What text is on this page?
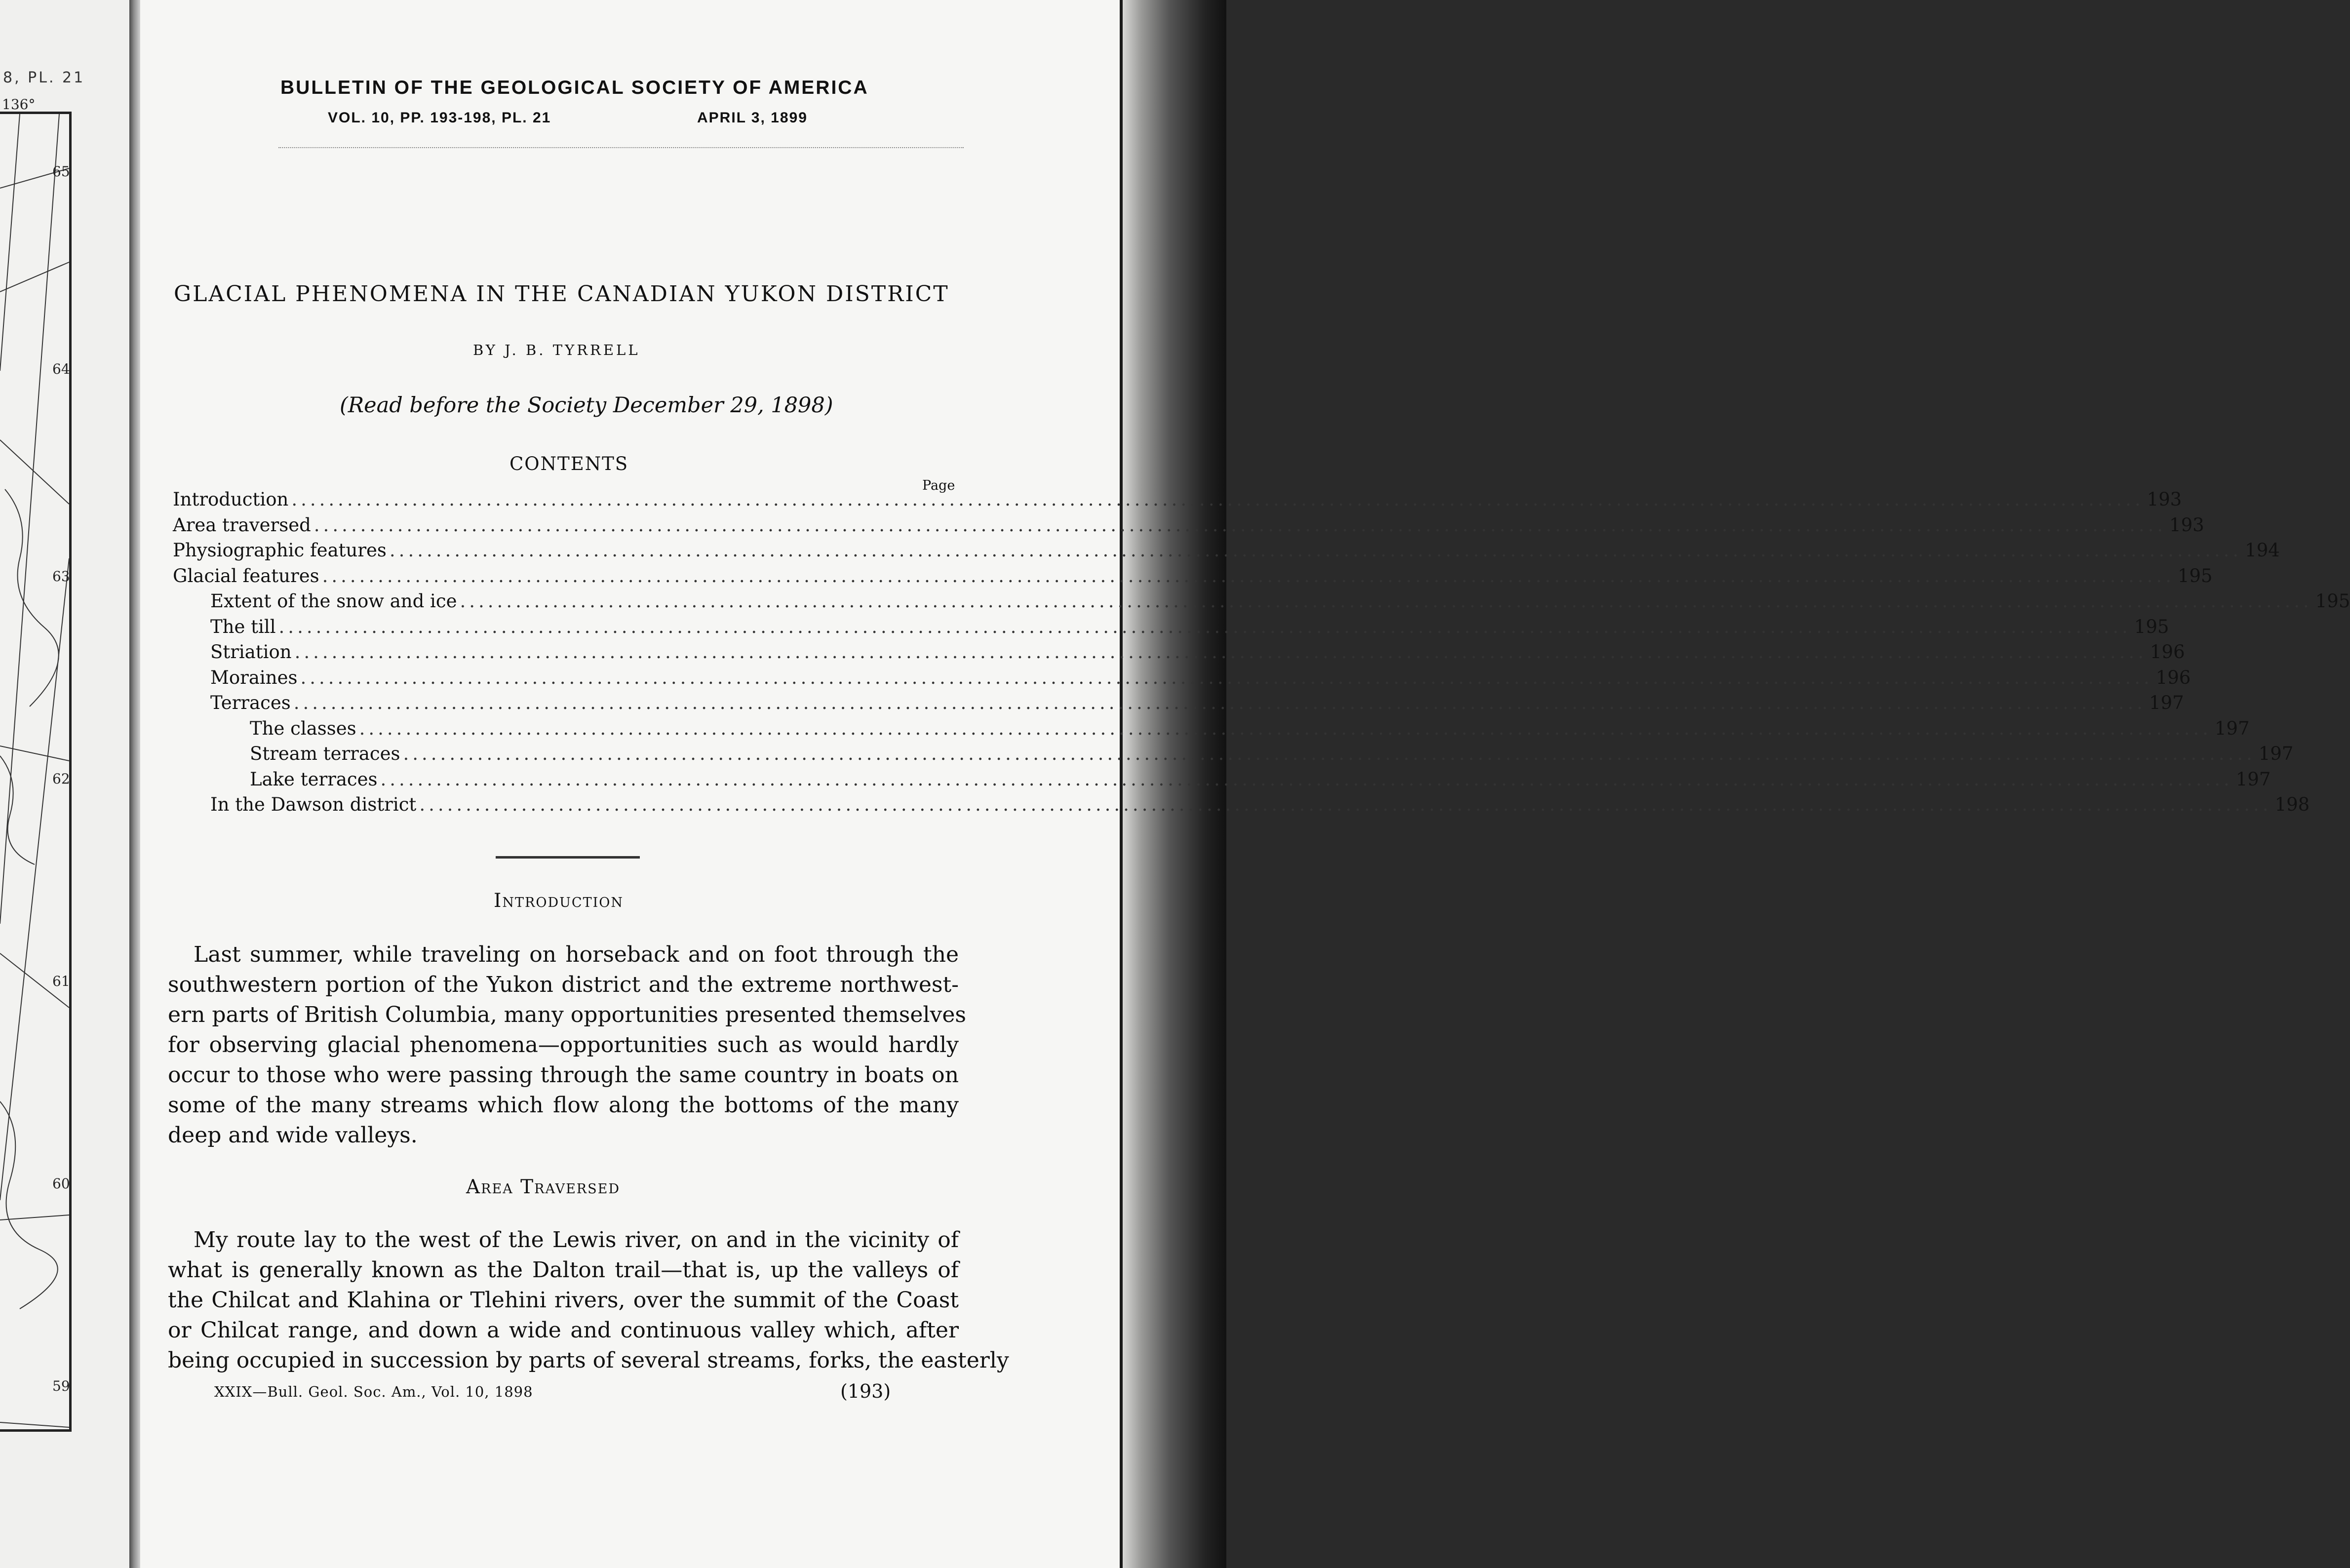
8, PL. 21
136°
65
64
63
62
61
60
59
BULLETIN OF THE GEOLOGICAL SOCIETY OF AMERICA
VOL. 10, PP. 193-198, PL. 21	APRIL 3, 1899
GLACIAL PHENOMENA IN THE CANADIAN YUKON DISTRICT
BY J. B. TYRRELL
(Read before the Society December 29, 1898)
CONTENTS
Page
Introduction ........................................................................................................................................................................................................ 193
Area traversed ........................................................................................................................................................................................................ 193
Physiographic features ........................................................................................................................................................................................................ 194
Glacial features ........................................................................................................................................................................................................ 195
Extent of the snow and ice ........................................................................................................................................................................................................ 195
The till ........................................................................................................................................................................................................ 195
Striation ........................................................................................................................................................................................................ 196
Moraines ........................................................................................................................................................................................................ 196
Terraces ........................................................................................................................................................................................................ 197
The classes ........................................................................................................................................................................................................ 197
Stream terraces ........................................................................................................................................................................................................ 197
Lake terraces ........................................................................................................................................................................................................ 197
In the Dawson district ........................................................................................................................................................................................................ 198
Introduction
Last summer, while traveling on horseback and on foot through the
southwestern portion of the Yukon district and the extreme northwest-
ern parts of British Columbia, many opportunities presented themselves
for observing glacial phenomena—opportunities such as would hardly
occur to those who were passing through the same country in boats on
some of the many streams which flow along the bottoms of the many
deep and wide valleys.
Area Traversed
My route lay to the west of the Lewis river, on and in the vicinity of
what is generally known as the Dalton trail—that is, up the valleys of
the Chilcat and Klahina or Tlehini rivers, over the summit of the Coast
or Chilcat range, and down a wide and continuous valley which, after
being occupied in succession by parts of several streams, forks, the easterly
XXIX—Bull. Geol. Soc. Am., Vol. 10, 1898	(193)
